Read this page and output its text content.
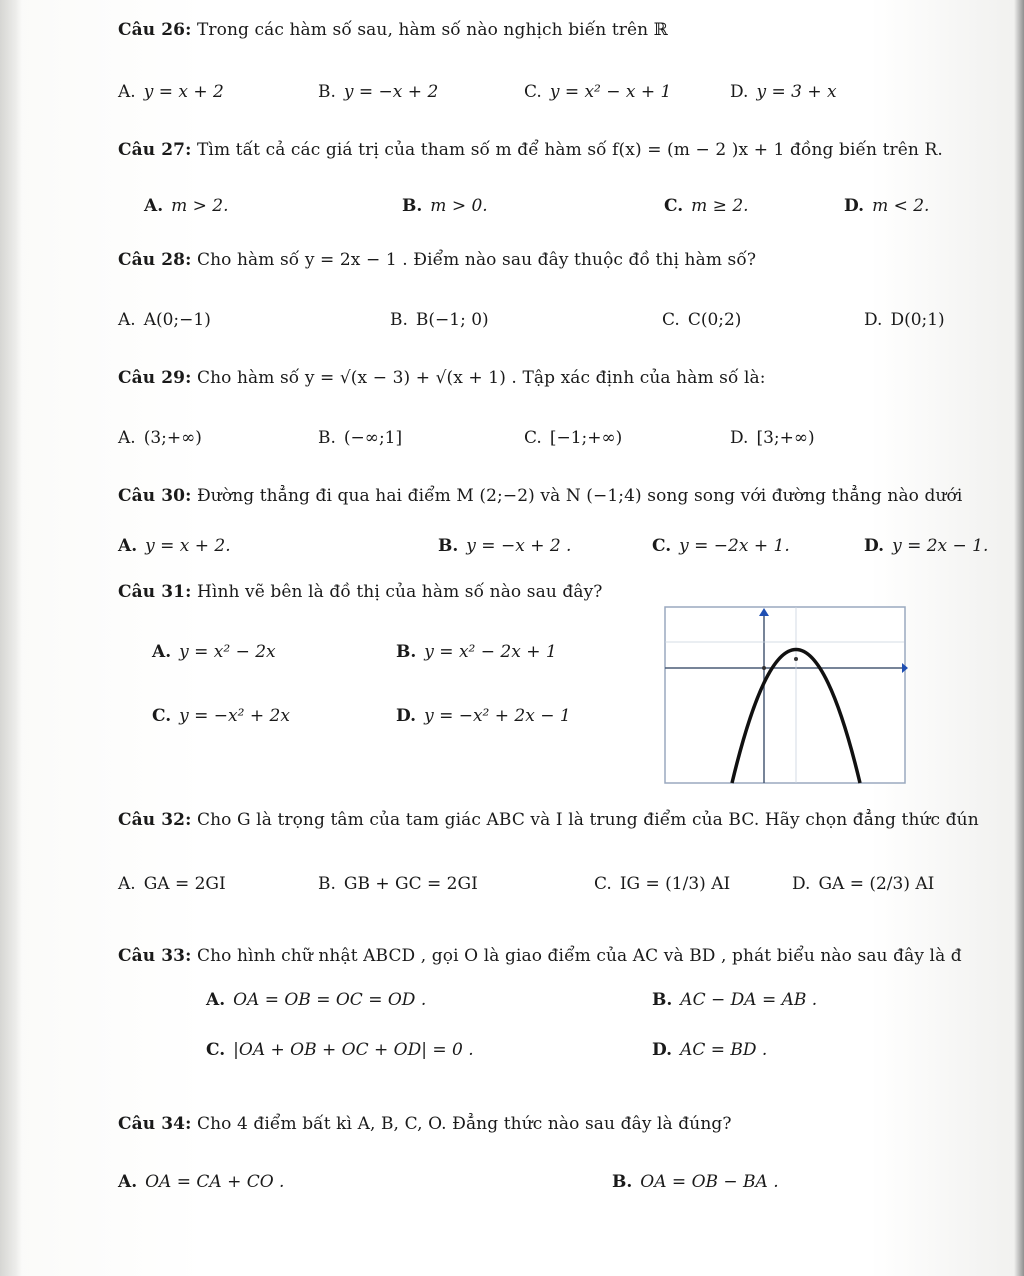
Câu 26: Trong các hàm số sau, hàm số nào nghịch biến trên ℝ
A. y = x + 2	B. y = −x + 2	C. y = x² − x + 1	D. y = 3 + x
Câu 27: Tìm tất cả các giá trị của tham số m để hàm số f(x) = (m − 2 )x + 1 đồng biến trên R.
A. m > 2.	B. m > 0.	C. m ≥ 2.	D. m < 2.
Câu 28: Cho hàm số y = 2x − 1 . Điểm nào sau đây thuộc đồ thị hàm số?
A. A(0;−1)	B. B(−1; 0)	C. C(0;2)	D. D(0;1)
Câu 29: Cho hàm số y = √(x − 3) + √(x + 1) . Tập xác định của hàm số là:
A. (3;+∞)	B. (−∞;1]	C. [−1;+∞)	D. [3;+∞)
Câu 30: Đường thẳng đi qua hai điểm M (2;−2) và N (−1;4) song song với đường thẳng nào dưới
A. y = x + 2.	B. y = −x + 2 .	C. y = −2x + 1.	D. y = 2x − 1.
Câu 31: Hình vẽ bên là đồ thị của hàm số nào sau đây?
A. y = x² − 2x	B. y = x² − 2x + 1
C. y = −x² + 2x	D. y = −x² + 2x − 1
Câu 32: Cho G là trọng tâm của tam giác ABC và I là trung điểm của BC. Hãy chọn đẳng thức đún
A. GA = 2GI	B. GB + GC = 2GI	C. IG = (1/3) AI	D. GA = (2/3) AI
Câu 33: Cho hình chữ nhật ABCD , gọi O là giao điểm của AC và BD , phát biểu nào sau đây là đ
A. OA = OB = OC = OD .	B. AC − DA = AB .
C. |OA + OB + OC + OD| = 0 .	D. AC = BD .
Câu 34: Cho 4 điểm bất kì A, B, C, O. Đẳng thức nào sau đây là đúng?
A. OA = CA + CO .	B. OA = OB − BA .
